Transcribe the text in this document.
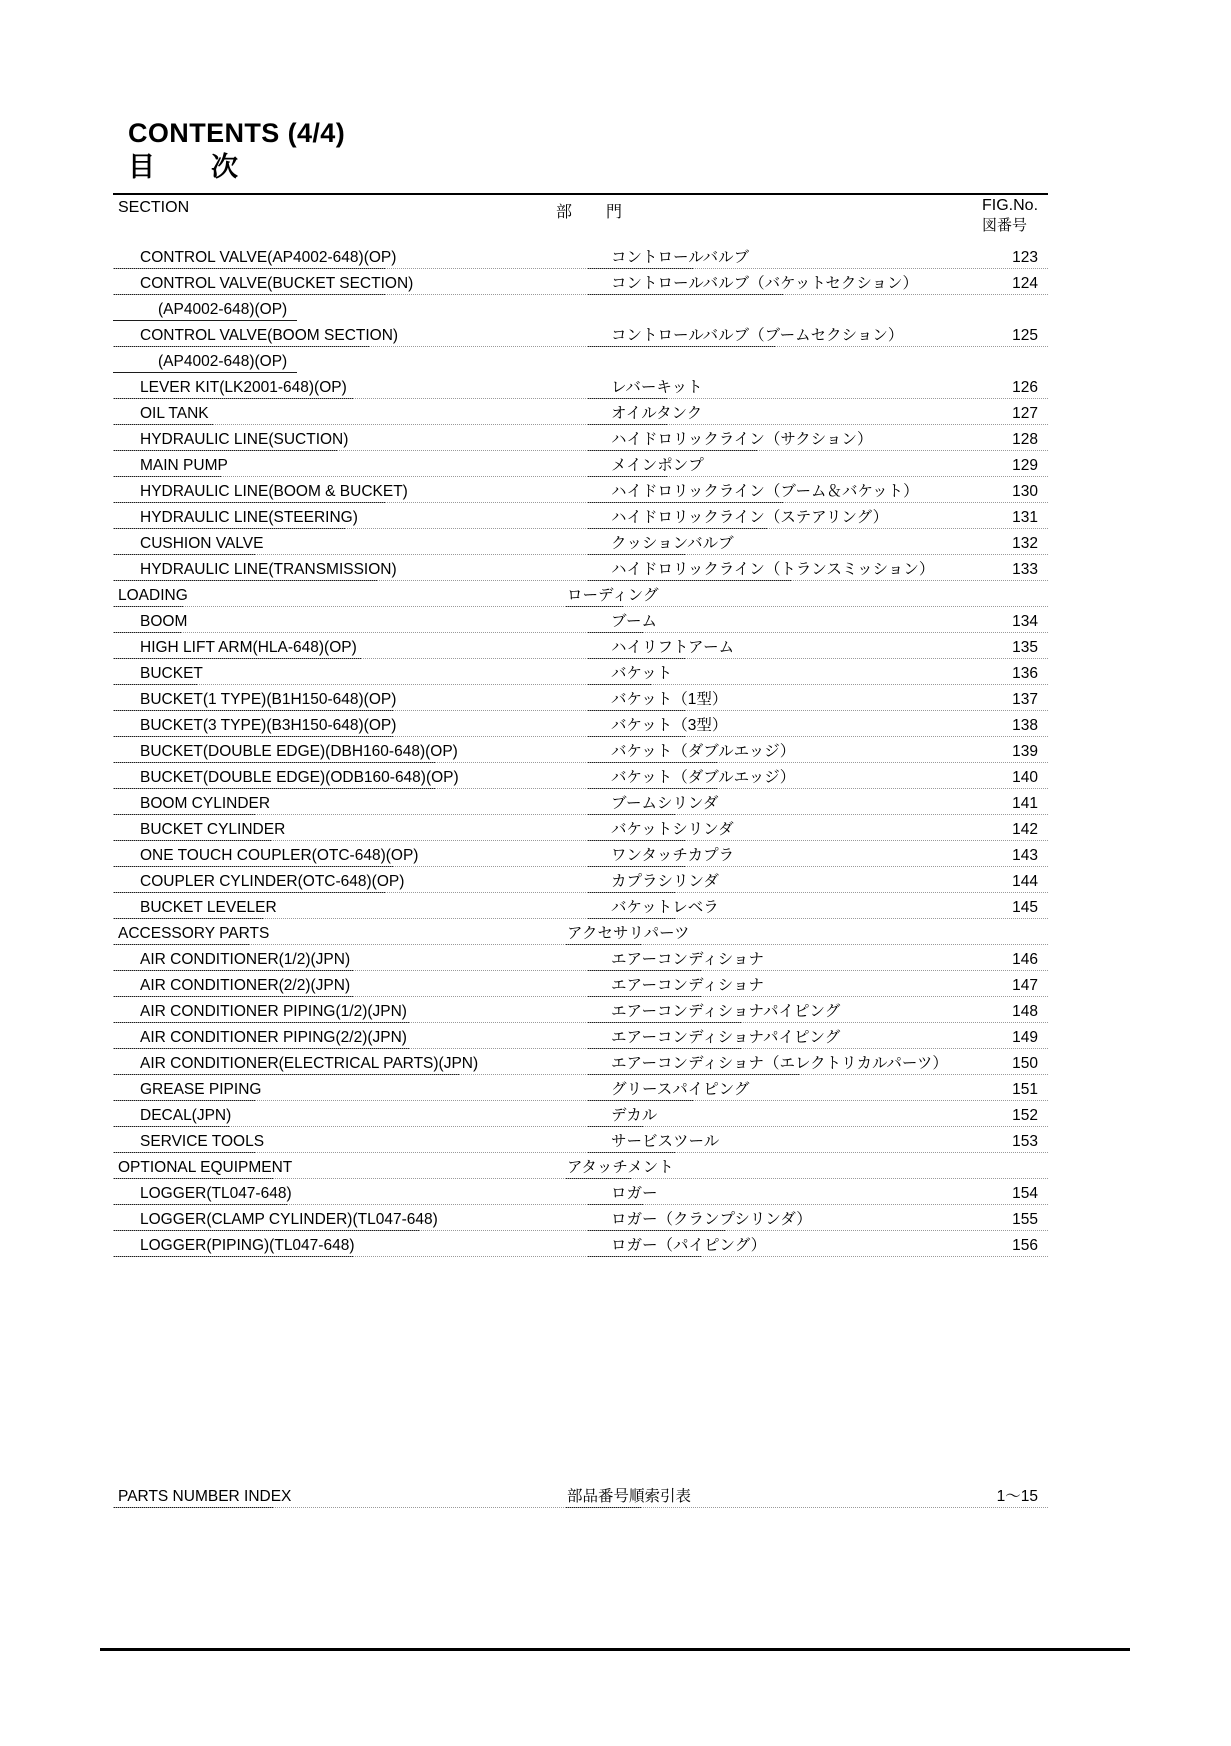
CONTENTS (4/4)
目 次
SECTION	部 門	FIG.No.
図番号
CONTROL VALVE(AP4002-648)(OP)	コントロールバルブ	123
CONTROL VALVE(BUCKET SECTION)	コントロールバルブ（バケットセクション）	124
(AP4002-648)(OP)
CONTROL VALVE(BOOM SECTION)	コントロールバルブ（ブームセクション）	125
(AP4002-648)(OP)
LEVER KIT(LK2001-648)(OP)	レバーキット	126
OIL TANK	オイルタンク	127
HYDRAULIC LINE(SUCTION)	ハイドロリックライン（サクション）	128
MAIN PUMP	メインポンプ	129
HYDRAULIC LINE(BOOM & BUCKET)	ハイドロリックライン（ブーム＆バケット）	130
HYDRAULIC LINE(STEERING)	ハイドロリックライン（ステアリング）	131
CUSHION VALVE	クッションバルブ	132
HYDRAULIC LINE(TRANSMISSION)	ハイドロリックライン（トランスミッション）	133
LOADING	ローディング
BOOM	ブーム	134
HIGH LIFT ARM(HLA-648)(OP)	ハイリフトアーム	135
BUCKET	バケット	136
BUCKET(1 TYPE)(B1H150-648)(OP)	バケット（1型）	137
BUCKET(3 TYPE)(B3H150-648)(OP)	バケット（3型）	138
BUCKET(DOUBLE EDGE)(DBH160-648)(OP)	バケット（ダブルエッジ）	139
BUCKET(DOUBLE EDGE)(ODB160-648)(OP)	バケット（ダブルエッジ）	140
BOOM CYLINDER	ブームシリンダ	141
BUCKET CYLINDER	バケットシリンダ	142
ONE TOUCH COUPLER(OTC-648)(OP)	ワンタッチカプラ	143
COUPLER CYLINDER(OTC-648)(OP)	カプラシリンダ	144
BUCKET LEVELER	バケットレベラ	145
ACCESSORY PARTS	アクセサリパーツ
AIR CONDITIONER(1/2)(JPN)	エアーコンディショナ	146
AIR CONDITIONER(2/2)(JPN)	エアーコンディショナ	147
AIR CONDITIONER PIPING(1/2)(JPN)	エアーコンディショナパイピング	148
AIR CONDITIONER PIPING(2/2)(JPN)	エアーコンディショナパイピング	149
AIR CONDITIONER(ELECTRICAL PARTS)(JPN)	エアーコンディショナ（エレクトリカルパーツ）	150
GREASE PIPING	グリースパイピング	151
DECAL(JPN)	デカル	152
SERVICE TOOLS	サービスツール	153
OPTIONAL EQUIPMENT	アタッチメント
LOGGER(TL047-648)	ロガー	154
LOGGER(CLAMP CYLINDER)(TL047-648)	ロガー（クランプシリンダ）	155
LOGGER(PIPING)(TL047-648)	ロガー（パイピング）	156
PARTS NUMBER INDEX	部品番号順索引表	1〜15
